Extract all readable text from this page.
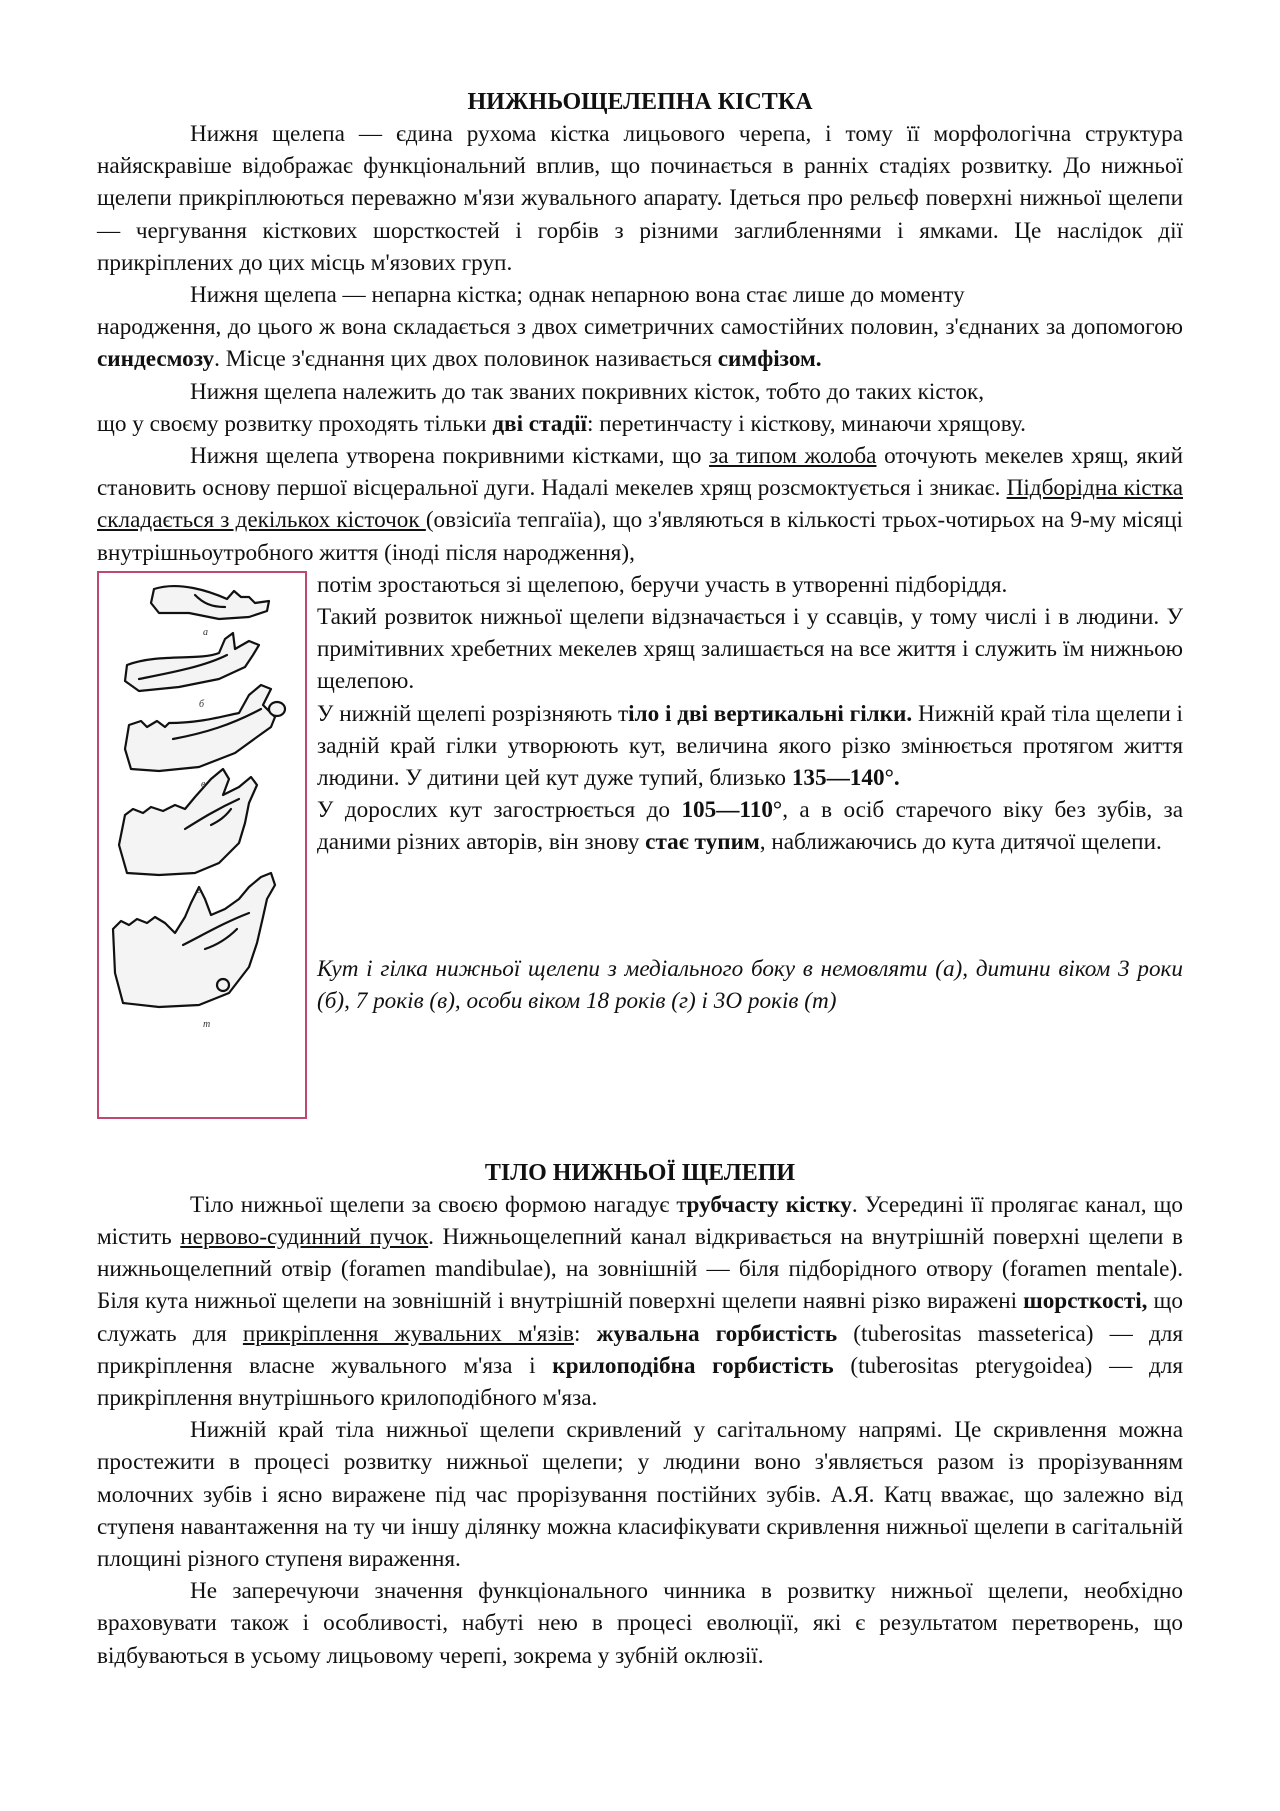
НИЖНЬОЩЕЛЕПНА КІСТКА

Нижня щелепа — єдина рухома кістка лицьового черепа, і тому її морфологічна структура найяскравіше відображає функціональний вплив, що починається в ранніх стадіях розвитку. До нижньої щелепи прикріплюються переважно м'язи жувального апарату. Ідеться про рельєф поверхні нижньої щелепи — чергування кісткових шорсткостей і горбів з різними заглибленнями і ямками. Це наслідок дії прикріплених до цих місць м'язових груп.

Нижня щелепа — непарна кістка; однак непарною вона стає лише до моменту

народження, до цього ж вона складається з двох симетричних самостійних половин, з'єднаних за допомогою синдесмозу. Місце з'єднання цих двох половинок називається симфізом.

Нижня щелепа належить до так званих покривних кісток, тобто до таких кісток,

що у своєму розвитку проходять тільки дві стадії: перетинчасту і кісткову, минаючи хрящову.

Нижня щелепа утворена покривними кістками, що за типом жолоба оточують мекелев хрящ, який становить основу першої вісцеральної дуги. Надалі мекелев хрящ розсмоктується і зникає. Підборідна кістка складається з декількох кісточок (овзісиїа тепгаїіа), що з'являються в кількості трьох-чотирьох на 9-му місяці внутрішньоутробного життя (іноді після народження),

а
б
в
г
т

потім зростаються зі щелепою, беручи участь в утворенні підборіддя.

Такий розвиток нижньої щелепи відзначається і у ссавців, у тому числі і в людини. У примітивних хребетних мекелев хрящ залишається на все життя і служить їм нижньою щелепою.

У нижній щелепі розрізняють тіло і дві вертикальні гілки. Нижній край тіла щелепи і задній край гілки утворюють кут, величина якого різко змінюється протягом життя людини. У дитини цей кут дуже тупий, близько 135—140°.

У дорослих кут загострюється до 105—110°, а в осіб старечого віку без зубів, за даними різних авторів, він знову стає тупим, наближаючись до кута дитячої щелепи.

Кут і гілка нижньої щелепи з медіального боку в немовляти (а), дитини віком 3 роки (б), 7 років (в), особи віком 18 років (г) і 3О років (т)

ТІЛО НИЖНЬОЇ ЩЕЛЕПИ

Тіло нижньої щелепи за своєю формою нагадує трубчасту кістку. Усередині її пролягає канал, що містить нервово-судинний пучок. Нижньощелепний канал відкривається на внутрішній поверхні щелепи в нижньощелепний отвір (foramen mandibulae), на зовнішній — біля підборідного отвору (foramen mentale). Біля кута нижньої щелепи на зовнішній і внутрішній поверхні щелепи наявні різко виражені шорсткості, що служать для прикріплення жувальних м'язів: жувальна горбистість (tuberositas masseterica) — для прикріплення власне жувального м'яза і крилоподібна горбистість (tuberositas pterygoidea) — для прикріплення внутрішнього крилоподібного м'яза.

Нижній край тіла нижньої щелепи скривлений у сагітальному напрямі. Це скривлення можна простежити в процесі розвитку нижньої щелепи; у людини воно з'являється разом із прорізуванням молочних зубів і ясно виражене під час прорізування постійних зубів. А.Я. Катц вважає, що залежно від ступеня навантаження на ту чи іншу ділянку можна класифікувати скривлення нижньої щелепи в сагітальній площині різного ступеня вираження.

Не заперечуючи значення функціонального чинника в розвитку нижньої щелепи, необхідно враховувати також і особливості, набуті нею в процесі еволюції, які є результатом перетворень, що відбуваються в усьому лицьовому черепі, зокрема у зубній оклюзії.
